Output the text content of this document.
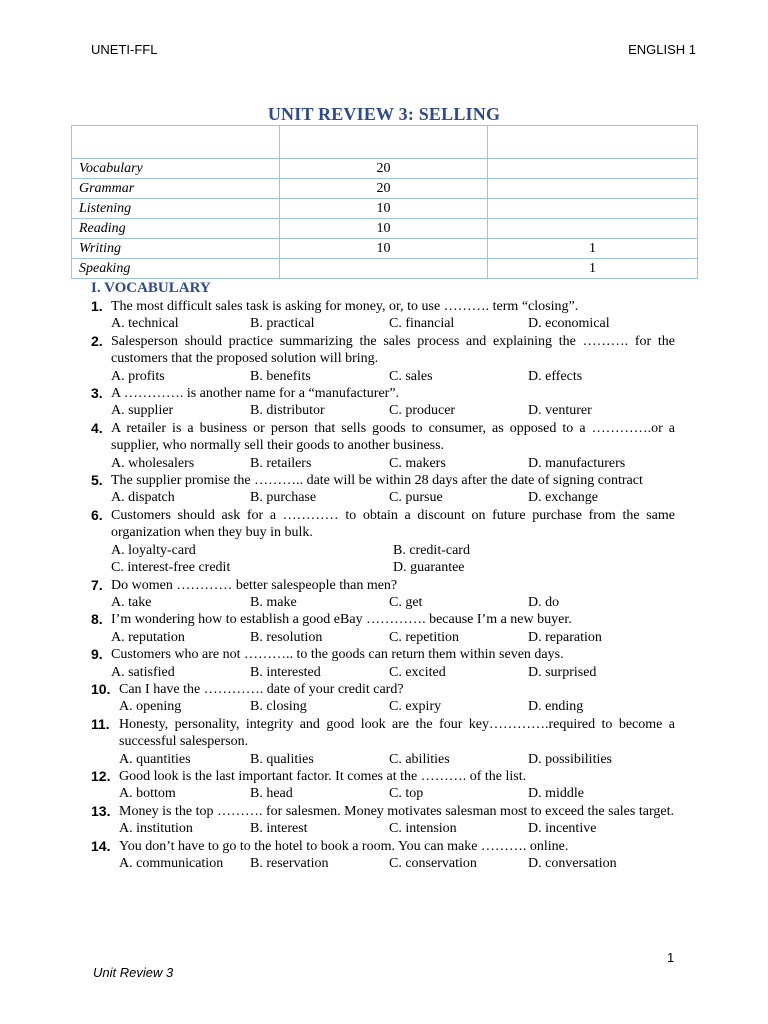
UNETI-FFL	ENGLISH 1
UNIT REVIEW 3: SELLING

Vocabulary	20	
Grammar	20	
Listening	10	
Reading	10	
Writing	10	1
Speaking		1
I. VOCABULARY
1. The most difficult sales task is asking for money, or, to use ………. term “closing”.
A. technical	B. practical	C. financial	D. economical
2. Salesperson should practice summarizing the sales process and explaining the ………. for the customers that the proposed solution will bring.
A. profits	B. benefits	C. sales	D. effects
3. A …………. is another name for a “manufacturer”.
A. supplier	B. distributor	C. producer	D. venturer
4. A retailer is a business or person that sells goods to consumer, as opposed to a ………….or a supplier, who normally sell their goods to another business.
A. wholesalers	B. retailers	C. makers	D. manufacturers
5. The supplier promise the ……….. date will be within 28 days after the date of signing contract
A. dispatch	B. purchase	C. pursue	D. exchange
6. Customers should ask for a ………… to obtain a discount on future purchase from the same organization when they buy in bulk.
A. loyalty-card	B. credit-card
C. interest-free credit	D. guarantee
7. Do women ………… better salespeople than men?
A. take	B. make	C. get	D. do
8. I’m wondering how to establish a good eBay …………. because I’m a new buyer.
A. reputation	B. resolution	C. repetition	D. reparation
9. Customers who are not ……….. to the goods can return them within seven days.
A. satisfied	B. interested	C. excited	D. surprised
10. Can I have the …………. date of your credit card?
A. opening	B. closing	C. expiry	D. ending
11. Honesty, personality, integrity and good look are the four key………….required to become a successful salesperson.
A. quantities	B. qualities	C. abilities	D. possibilities
12. Good look is the last important factor. It comes at the ………. of the list.
A. bottom	B. head	C. top	D. middle
13. Money is the top ………. for salesmen. Money motivates salesman most to exceed the sales target.
A. institution	B. interest	C. intension	D. incentive
14. You don’t have to go to the hotel to book a room. You can make ………. online.
A. communication	B. reservation	C. conservation	D. conversation
1
Unit Review 3
